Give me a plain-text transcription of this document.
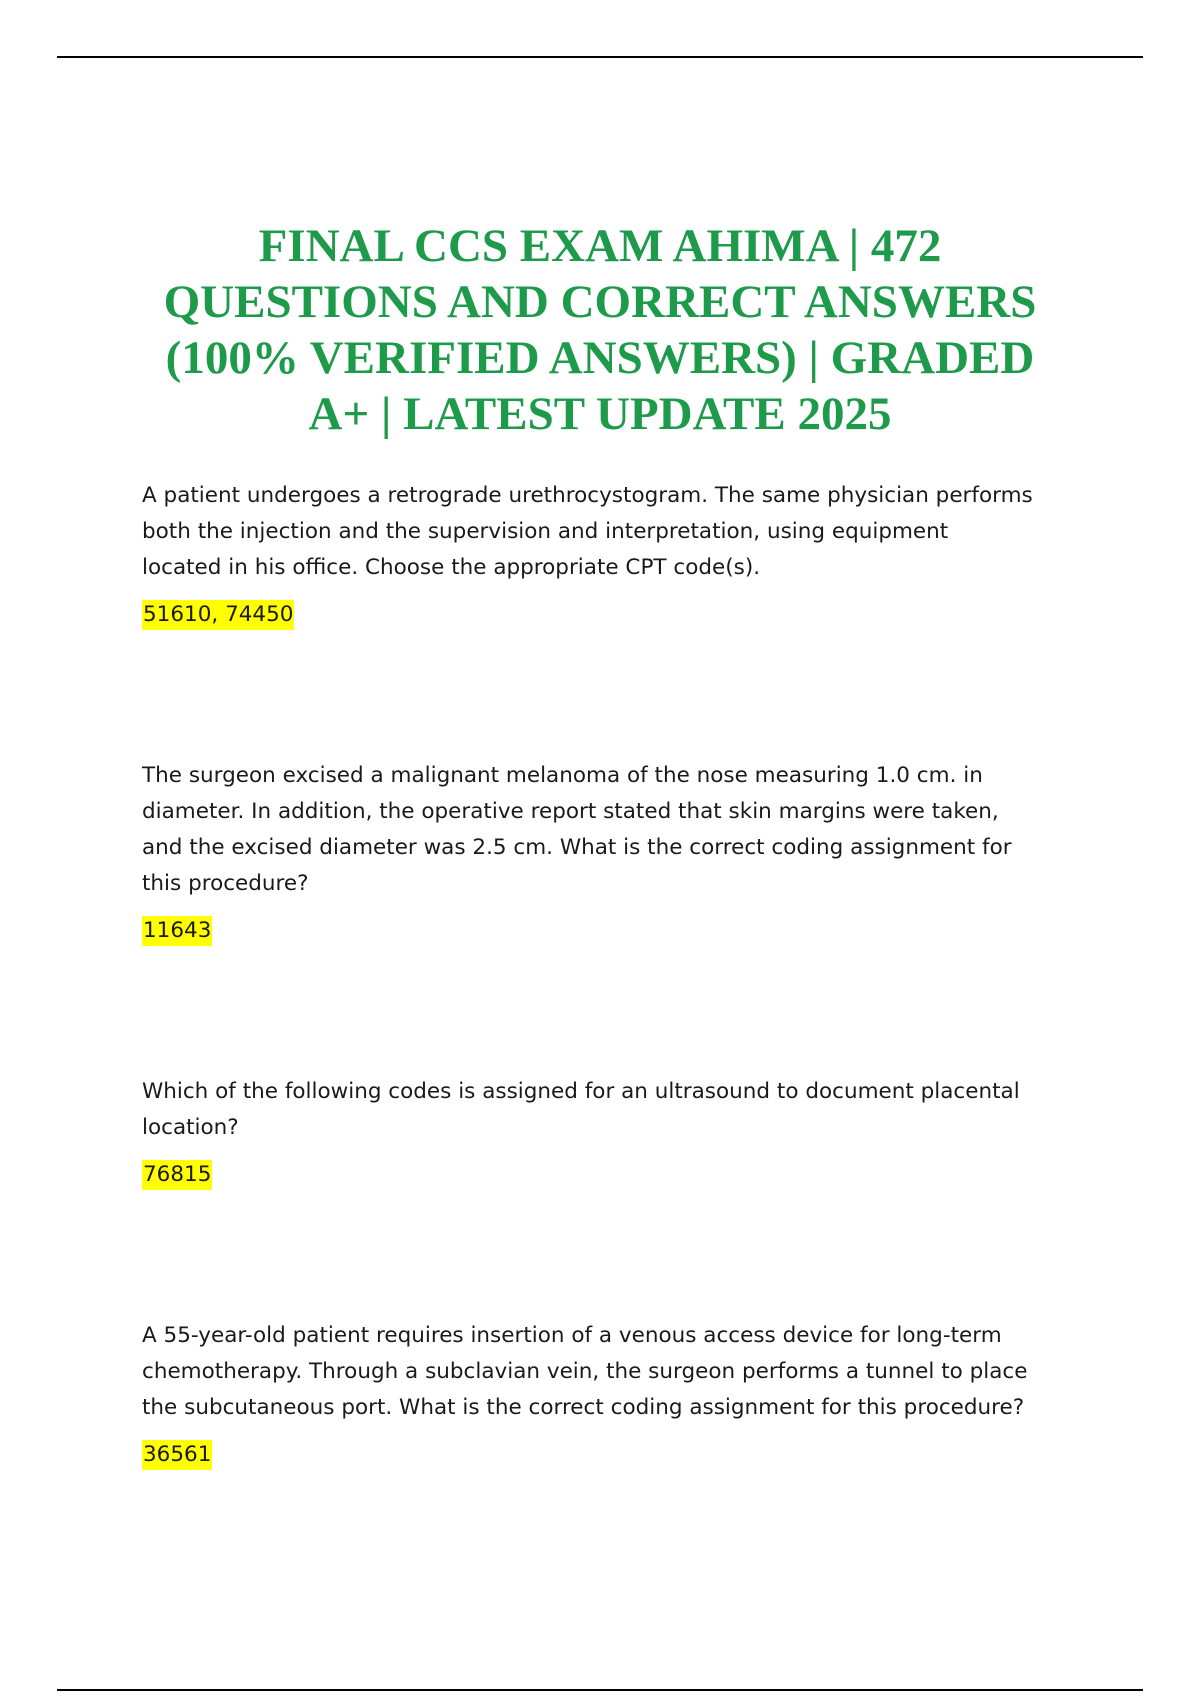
FINAL CCS EXAM AHIMA | 472
QUESTIONS AND CORRECT ANSWERS
(100% VERIFIED ANSWERS) | GRADED
A+ | LATEST UPDATE 2025

A patient undergoes a retrograde urethrocystogram. The same physician performs
both the injection and the supervision and interpretation, using equipment
located in his office. Choose the appropriate CPT code(s).

51610, 74450

The surgeon excised a malignant melanoma of the nose measuring 1.0 cm. in
diameter. In addition, the operative report stated that skin margins were taken,
and the excised diameter was 2.5 cm. What is the correct coding assignment for
this procedure?

11643

Which of the following codes is assigned for an ultrasound to document placental
location?

76815

A 55-year-old patient requires insertion of a venous access device for long-term
chemotherapy. Through a subclavian vein, the surgeon performs a tunnel to place
the subcutaneous port. What is the correct coding assignment for this procedure?

36561
